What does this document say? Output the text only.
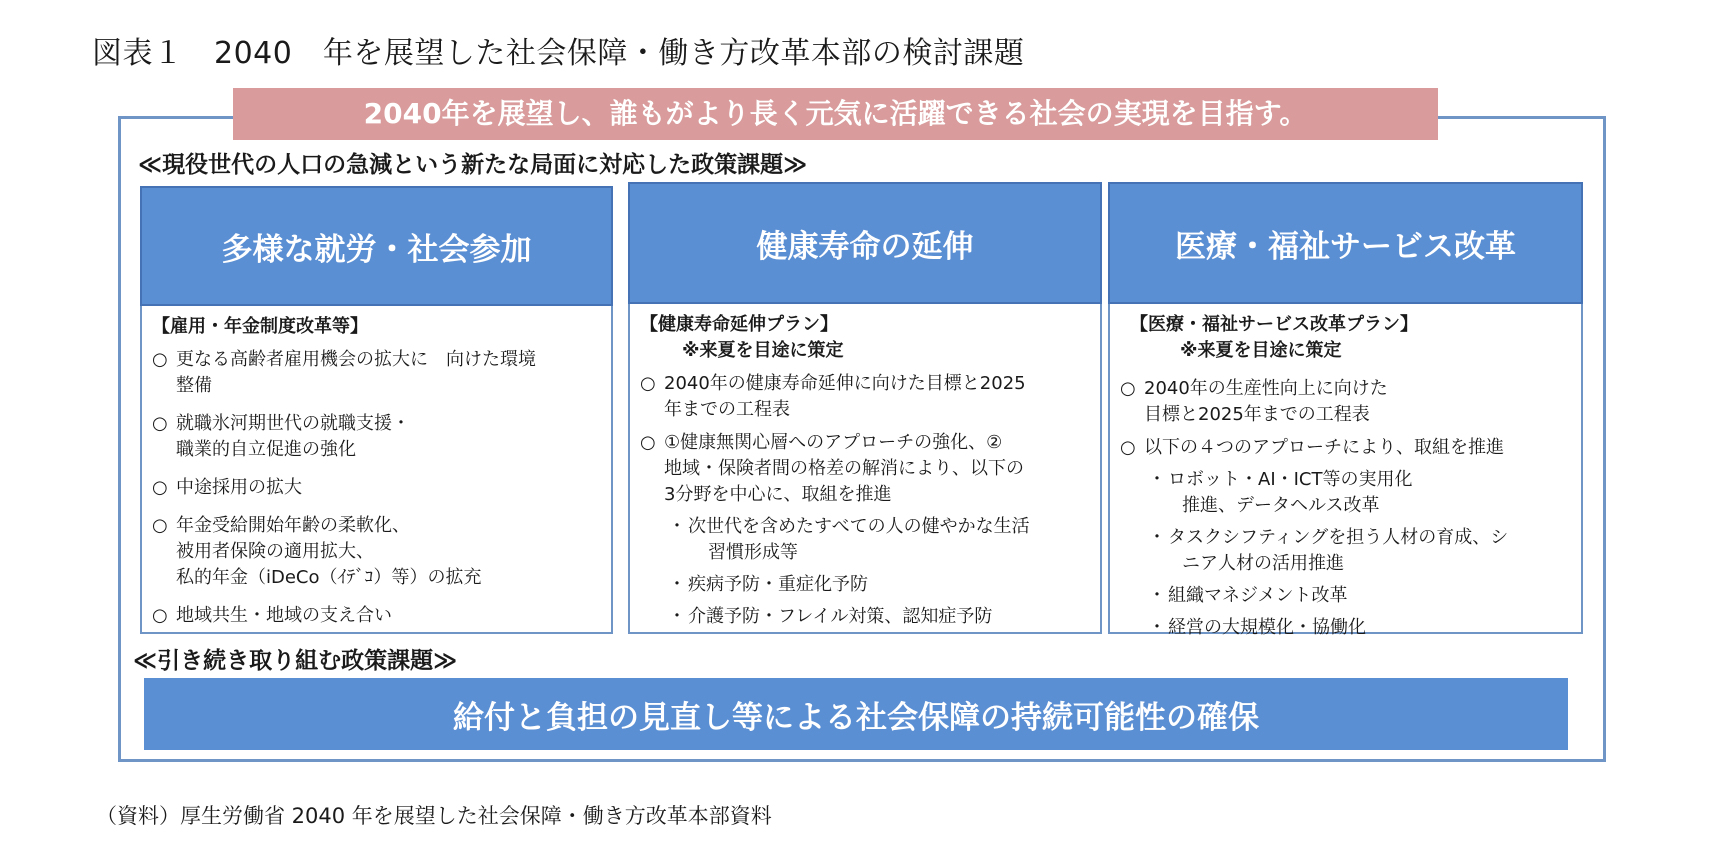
図表１　2040　年を展望した社会保障・働き方改革本部の検討課題
2040年を展望し、誰もがより長く元気に活躍できる社会の実現を目指す。
≪現役世代の人口の急減という新たな局面に対応した政策課題≫
多様な就労・社会参加
【雇用・年金制度改革等】
○ 更なる高齢者雇用機会の拡大に　向けた環境
整備
○ 就職氷河期世代の就職支援・
職業的自立促進の強化
○ 中途採用の拡大
○ 年金受給開始年齢の柔軟化、
被用者保険の適用拡大、
私的年金（iDeCo（ｲﾃﾞｺ）等）の拡充
○ 地域共生・地域の支え合い
健康寿命の延伸
【健康寿命延伸プラン】
※来夏を目途に策定
○ 2040年の健康寿命延伸に向けた目標と2025
年までの工程表
○ ①健康無関心層へのアプローチの強化、②
地域・保険者間の格差の解消により、以下の
3分野を中心に、取組を推進
・ 次世代を含めたすべての人の健やかな生活
習慣形成等
・ 疾病予防・重症化予防
・ 介護予防・フレイル対策、認知症予防
医療・福祉サービス改革
【医療・福祉サービス改革プラン】
※来夏を目途に策定
○ 2040年の生産性向上に向けた
目標と2025年までの工程表
○ 以下の４つのアプローチにより、取組を推進
・ ロボット・AI・ICT等の実用化
推進、データヘルス改革
・ タスクシフティングを担う人材の育成、シ
ニア人材の活用推進
・ 組織マネジメント改革
・ 経営の大規模化・協働化
≪引き続き取り組む政策課題≫
給付と負担の見直し等による社会保障の持続可能性の確保
（資料）厚生労働省 2040 年を展望した社会保障・働き方改革本部資料
